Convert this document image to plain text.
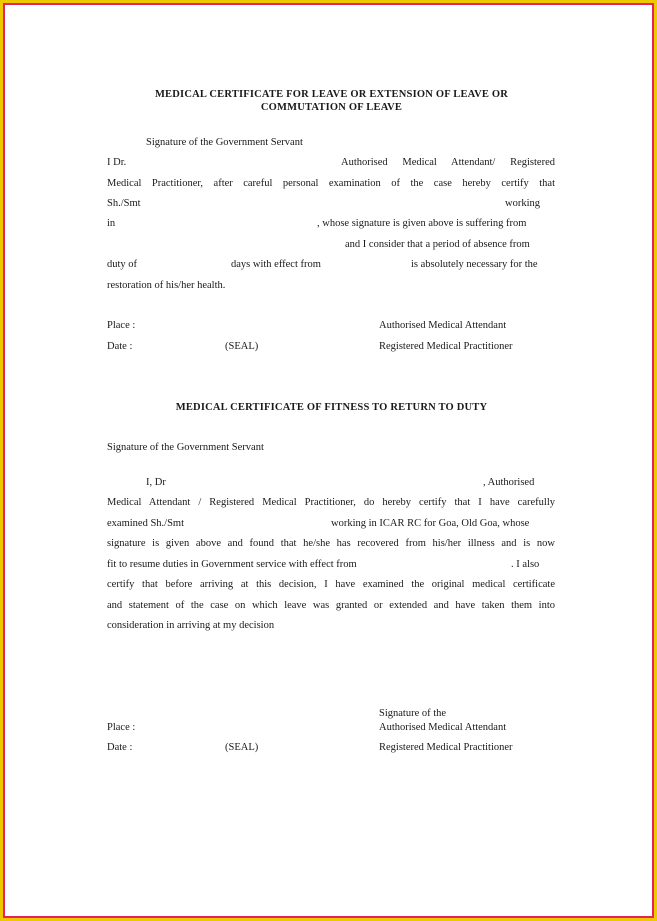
MEDICAL CERTIFICATE FOR LEAVE OR EXTENSION OF LEAVE OR
COMMUTATION OF LEAVE
Signature of the Government Servant
I Dr.	Authorised Medical Attendant/ Registered
Medical Practitioner, after careful personal examination of the case hereby certify that
Sh./Smt	working
in	, whose signature is given above is suffering from
and I consider that a period of absence from
duty of	days with effect from	is absolutely necessary for the
restoration of his/her health.
Place :	Authorised Medical Attendant
Date :	(SEAL)	Registered Medical Practitioner
MEDICAL CERTIFICATE OF FITNESS TO RETURN TO DUTY
Signature of the Government Servant
I, Dr	, Authorised
Medical Attendant / Registered Medical Practitioner, do hereby certify that I have carefully
examined Sh./Smt	working in ICAR RC for Goa, Old Goa, whose
signature is given above and found that he/she has recovered from his/her illness and is now
fit to resume duties in Government service with effect from	. I also
certify that before arriving at this decision, I have examined the original medical certificate
and statement of the case on which leave was granted or extended and have taken them into
consideration in arriving at my decision
Signature of the
Place :	Authorised Medical Attendant
Date :	(SEAL)	Registered Medical Practitioner
